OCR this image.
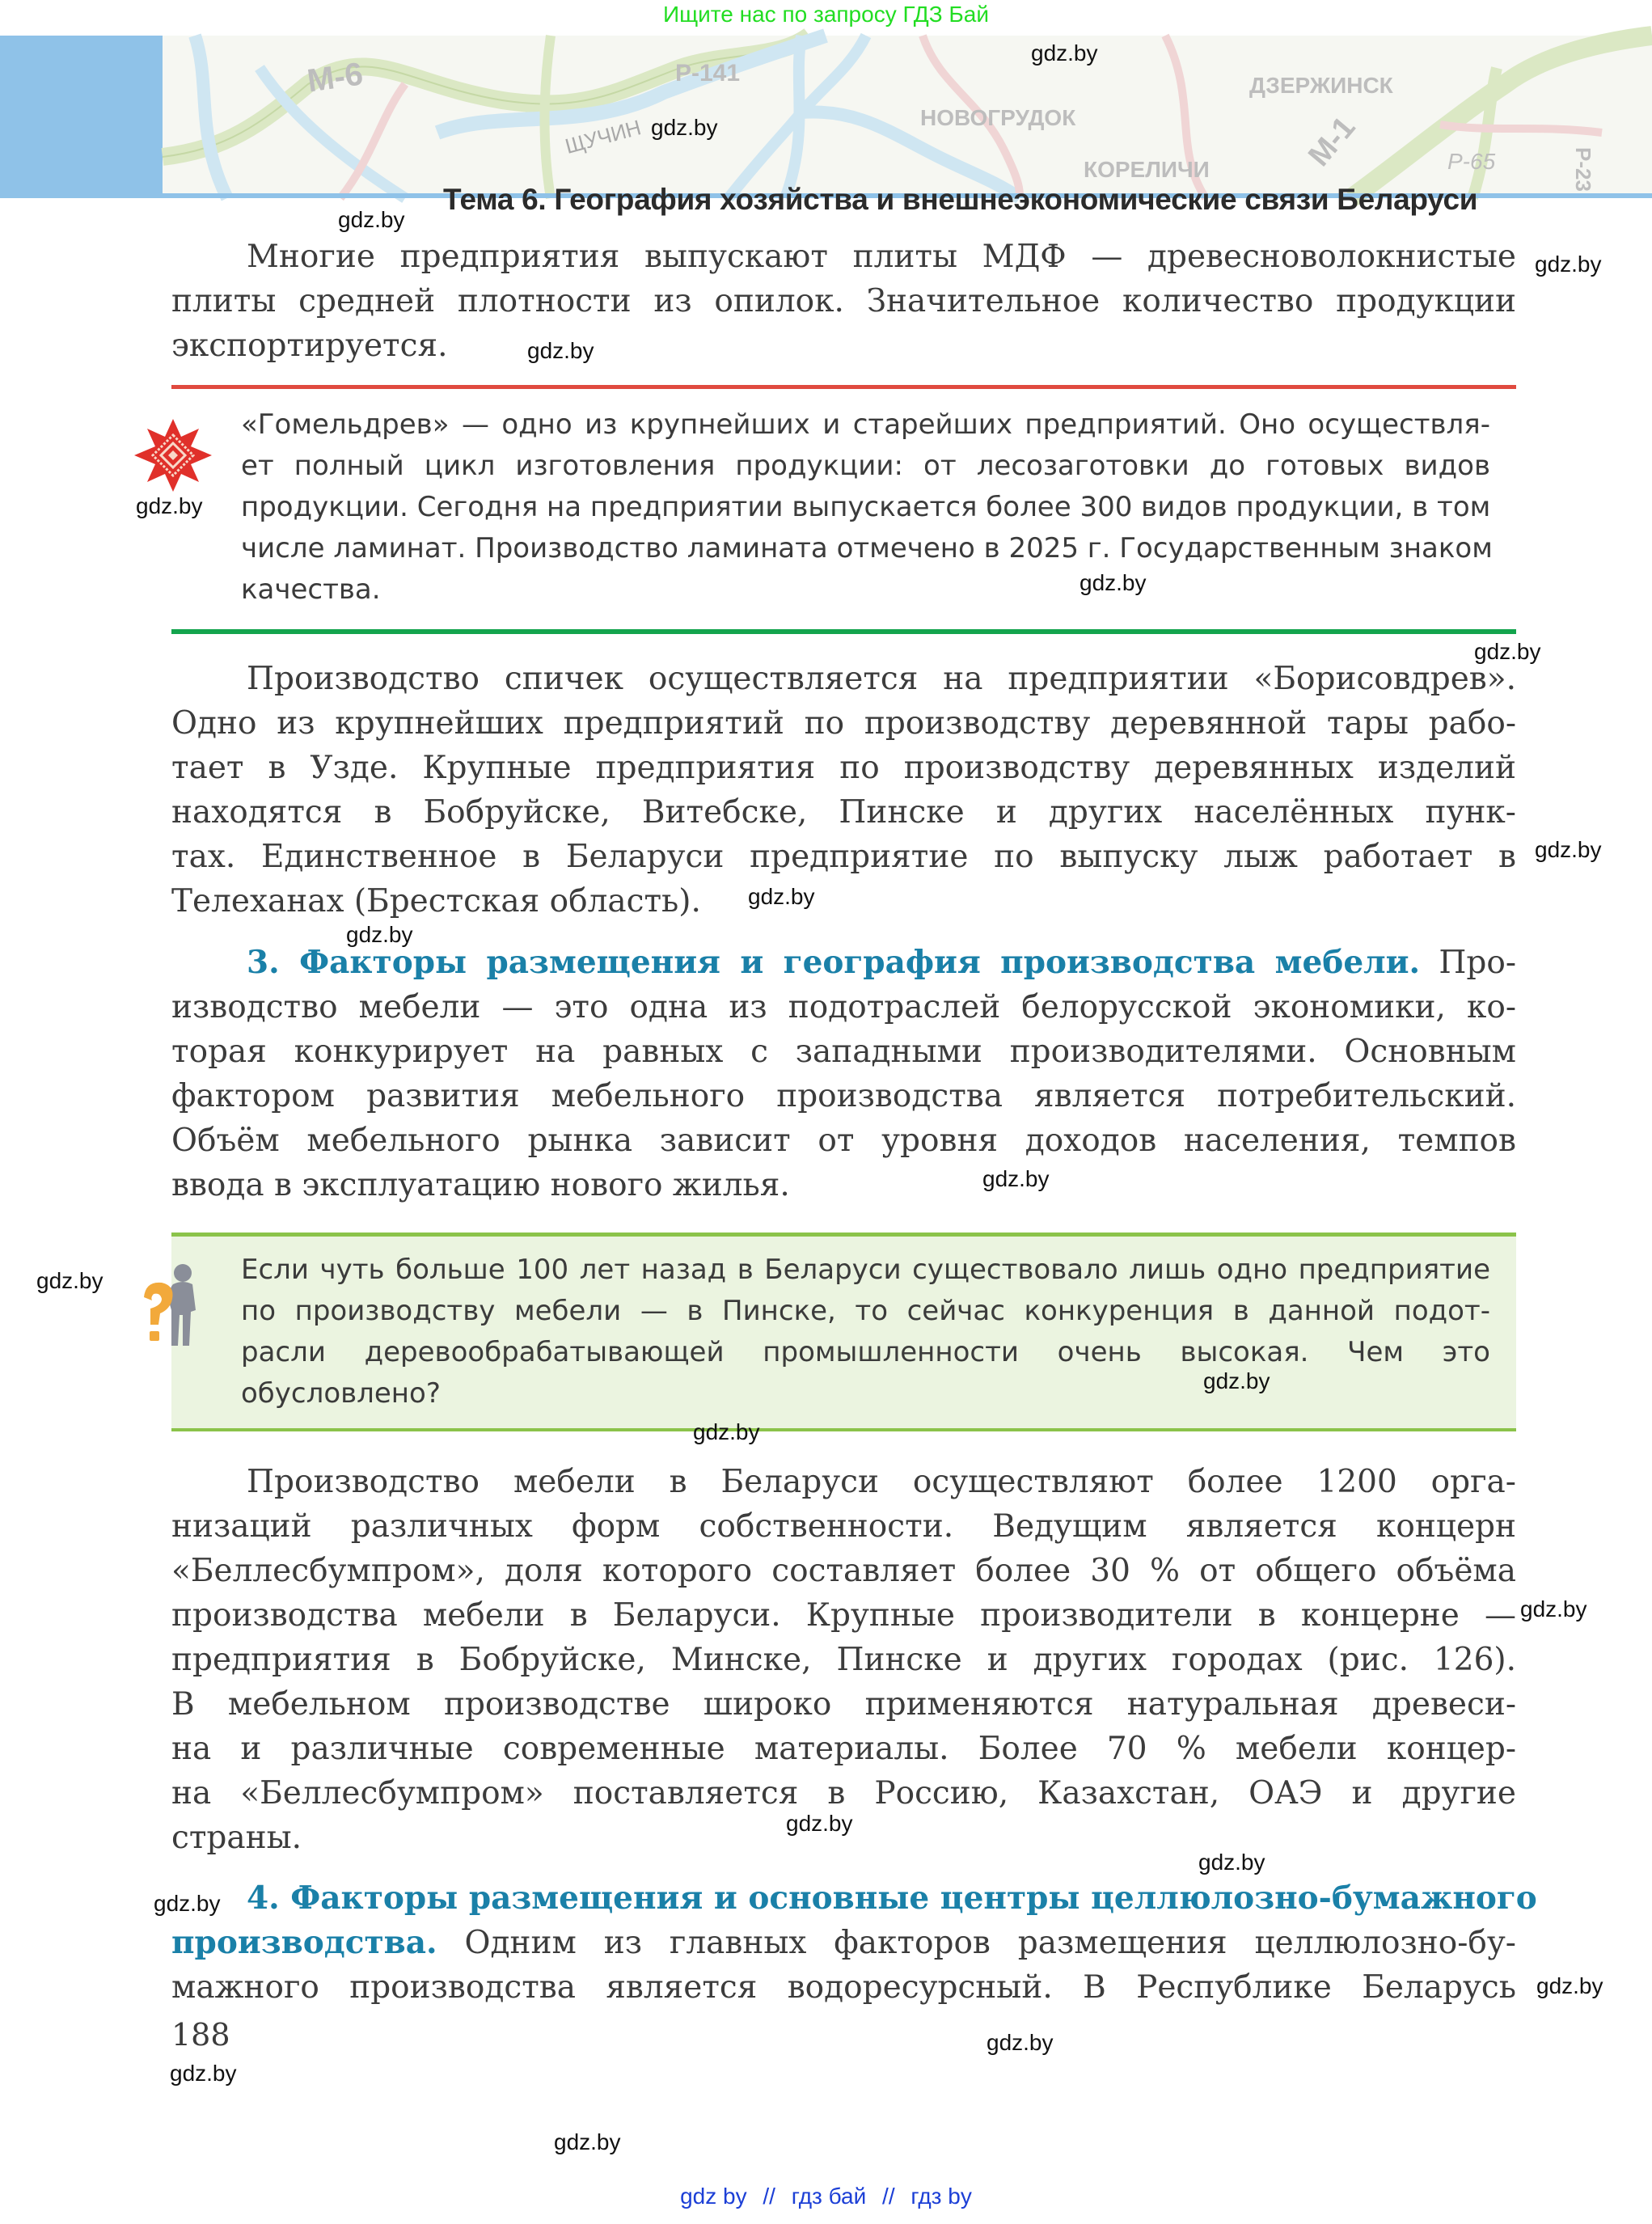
Ищите нас по запросу ГДЗ Бай
М-6	Р-141
ЩУЧИН	НОВОГРУДОК
КОРЕЛИЧИ
ДЗЕРЖИНСК
М-1	Р-65	Р-23
Тема 6. География хозяйства и внешнеэкономические связи Беларуси
Многие предприятия выпускают плиты МДФ — древесноволокнистые
плиты средней плотности из опилок. Значительное количество продукции
экспортируется.
«Гомельдрев» — одно из крупнейших и старейших предприятий. Оно осуществля-
ет полный цикл изготовления продукции: от лесозаготовки до готовых видов
продукции. Сегодня на предприятии выпускается более 300 видов продукции, в том
числе ламинат. Производство ламината отмечено в 2025 г. Государственным знаком
качества.
Производство спичек осуществляется на предприятии «Борисовдрев».
Одно из крупнейших предприятий по производству деревянной тары рабо-
тает в Узде. Крупные предприятия по производству деревянных изделий
находятся в Бобруйске, Витебске, Пинске и других населённых пунк-
тах. Единственное в Беларуси предприятие по выпуску лыж работает в
Телеханах (Брестская область).
3. Факторы размещения и география производства мебели. Про-
изводство мебели — это одна из подотраслей белорусской экономики, ко-
торая конкурирует на равных с западными производителями. Основным
фактором развития мебельного производства является потребительский.
Объём мебельного рынка зависит от уровня доходов населения, темпов
ввода в эксплуатацию нового жилья.
Если чуть больше 100 лет назад в Беларуси существовало лишь одно предприятие
по производству мебели — в Пинске, то сейчас конкуренция в данной подот-
расли деревообрабатывающей промышленности очень высокая. Чем это
обусловлено?
Производство мебели в Беларуси осуществляют более 1200 орга-
низаций различных форм собственности. Ведущим является концерн
«Беллесбумпром», доля которого составляет более 30 % от общего объёма
производства мебели в Беларуси. Крупные производители в концерне —
предприятия в Бобруйске, Минске, Пинске и других городах (рис. 126).
В мебельном производстве широко применяются натуральная древеси-
на и различные современные материалы. Более 70 % мебели концер-
на «Беллесбумпром» поставляется в Россию, Казахстан, ОАЭ и другие
страны.
4. Факторы размещения и основные центры целлюлозно-бумажного
производства. Одним из главных факторов размещения целлюлозно-бу-
мажного производства является водоресурсный. В Республике Беларусь
188
gdz.by
gdz.by
gdz.by
gdz.by
gdz.by
gdz.by
gdz.by
gdz.by
gdz.by
gdz.by
gdz.by
gdz.by
gdz.by
gdz.by
gdz.by
gdz.by
gdz.by
gdz.by
gdz.by
gdz.by
gdz.by
gdz.by
gdz.by
gdz by // гдз бай // гдз by
